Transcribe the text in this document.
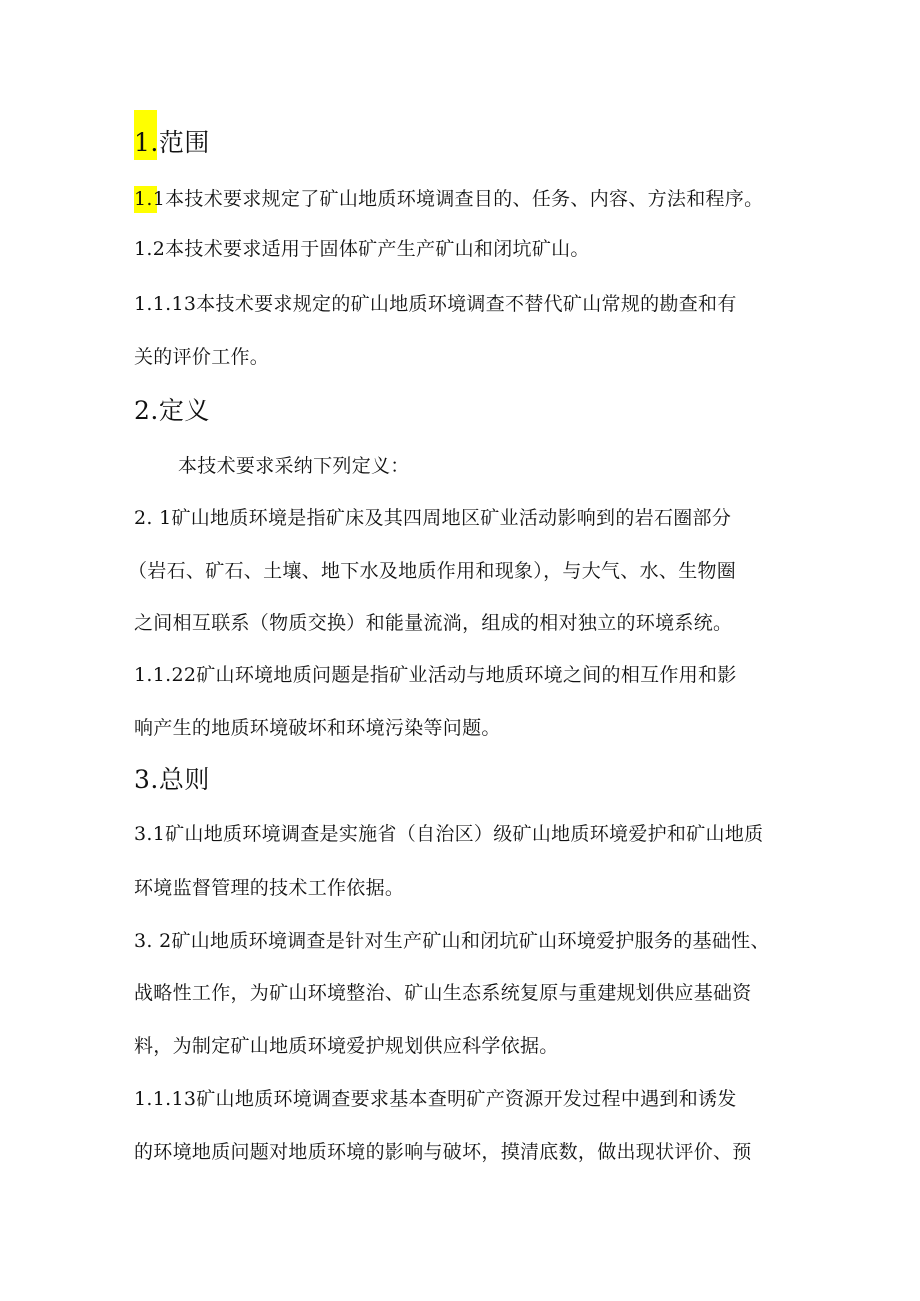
1.范围
1.1本技术要求规定了矿山地质环境调查目的、任务、内容、方法和程序。
1.2本技术要求适用于固体矿产生产矿山和闭坑矿山。
1.1.13本技术要求规定的矿山地质环境调查不替代矿山常规的勘查和有
关的评价工作。
2.定义
本技术要求采纳下列定义：
2. 1矿山地质环境是指矿床及其四周地区矿业活动影响到的岩石圈部分
（岩石、矿石、土壤、地下水及地质作用和现象），与大气、水、生物圈
之间相互联系（物质交换）和能量流淌，组成的相对独立的环境系统。
1.1.22矿山环境地质问题是指矿业活动与地质环境之间的相互作用和影
响产生的地质环境破坏和环境污染等问题。
3.总则
3.1矿山地质环境调查是实施省（自治区）级矿山地质环境爱护和矿山地质
环境监督管理的技术工作依据。
3. 2矿山地质环境调查是针对生产矿山和闭坑矿山环境爱护服务的基础性、
战略性工作，为矿山环境整治、矿山生态系统复原与重建规划供应基础资
料，为制定矿山地质环境爱护规划供应科学依据。
1.1.13矿山地质环境调查要求基本查明矿产资源开发过程中遇到和诱发
的环境地质问题对地质环境的影响与破坏，摸清底数，做出现状评价、预
